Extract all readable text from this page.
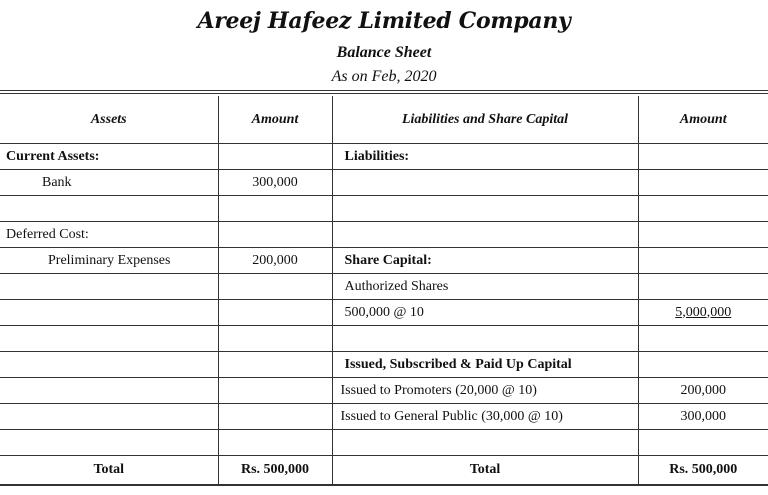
Areej Hafeez Limited Company
Balance Sheet
As on Feb, 2020
Assets	Amount	Liabilities and Share Capital	Amount
Current Assets:		Liabilities:	
Bank	300,000		

Deferred Cost:			
Preliminary Expenses	200,000	Share Capital:	
		Authorized Shares	
		500,000 @ 10	5,000,000

		Issued, Subscribed & Paid Up Capital	
		Issued to Promoters (20,000 @ 10)	200,000
		Issued to General Public (30,000 @ 10)	300,000

Total	Rs. 500,000	Total	Rs. 500,000
